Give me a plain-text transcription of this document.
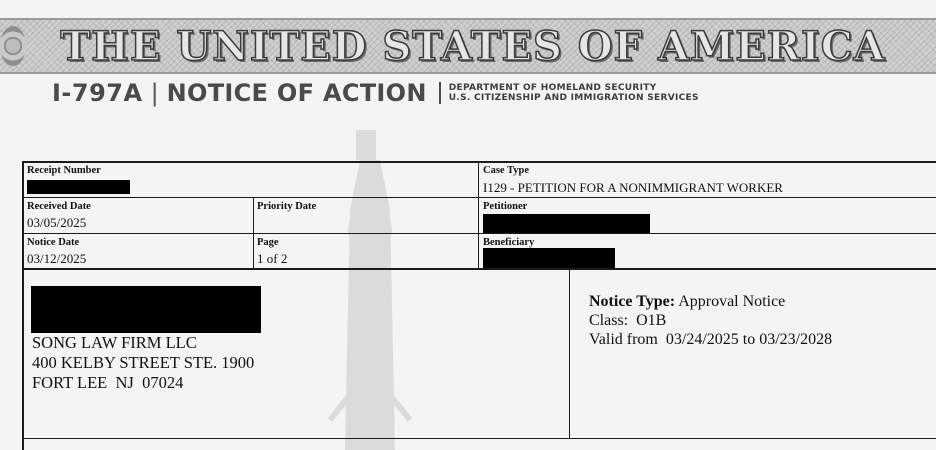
THE UNITED STATES OF AMERICA
I-797A | NOTICE OF ACTION DEPARTMENT OF HOMELAND SECURITY
U.S. CITIZENSHIP AND IMMIGRATION SERVICES
Receipt Number	Case Type
I129 - PETITION FOR A NONIMMIGRANT WORKER
Received Date
03/05/2025
Priority Date	Petitioner
Notice Date
03/12/2025
Page
1 of 2
Beneficiary
SONG LAW FIRM LLC
400 KELBY STREET STE. 1900
FORT LEE  NJ  07024
Notice Type: Approval Notice
Class:  O1B
Valid from  03/24/2025 to 03/23/2028
